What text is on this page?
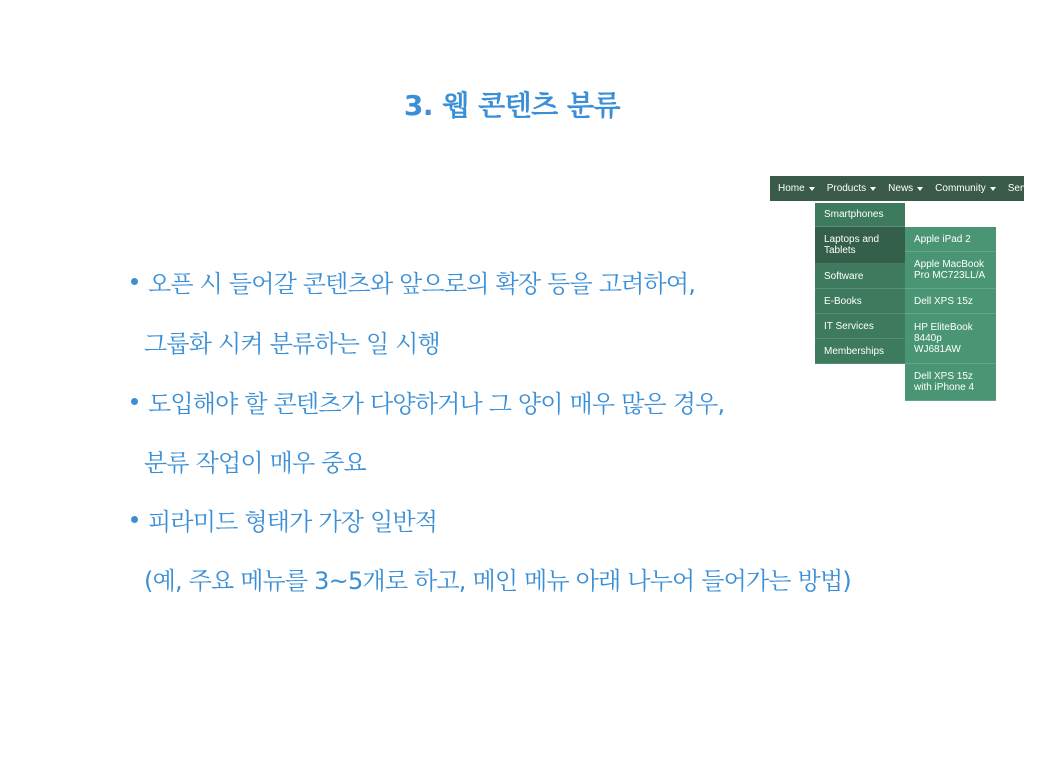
3. 웹 콘텐츠 분류
오픈 시 들어갈 콘텐츠와 앞으로의 확장 등을 고려하여,
그룹화 시켜 분류하는 일 시행
도입해야 할 콘텐츠가 다양하거나 그 양이 매우 많은 경우,
분류 작업이 매우 중요
피라미드 형태가 가장 일반적
(예, 주요 메뉴를 3~5개로 하고, 메인 메뉴 아래 나누어 들어가는 방법)
Home Products News Community Service
Smartphones
Laptops and Tablets
Software
E-Books
IT Services
Memberships
Apple iPad 2
Apple MacBook Pro MC723LL/A
Dell XPS 15z
HP EliteBook 8440p WJ681AW
Dell XPS 15z with iPhone 4
